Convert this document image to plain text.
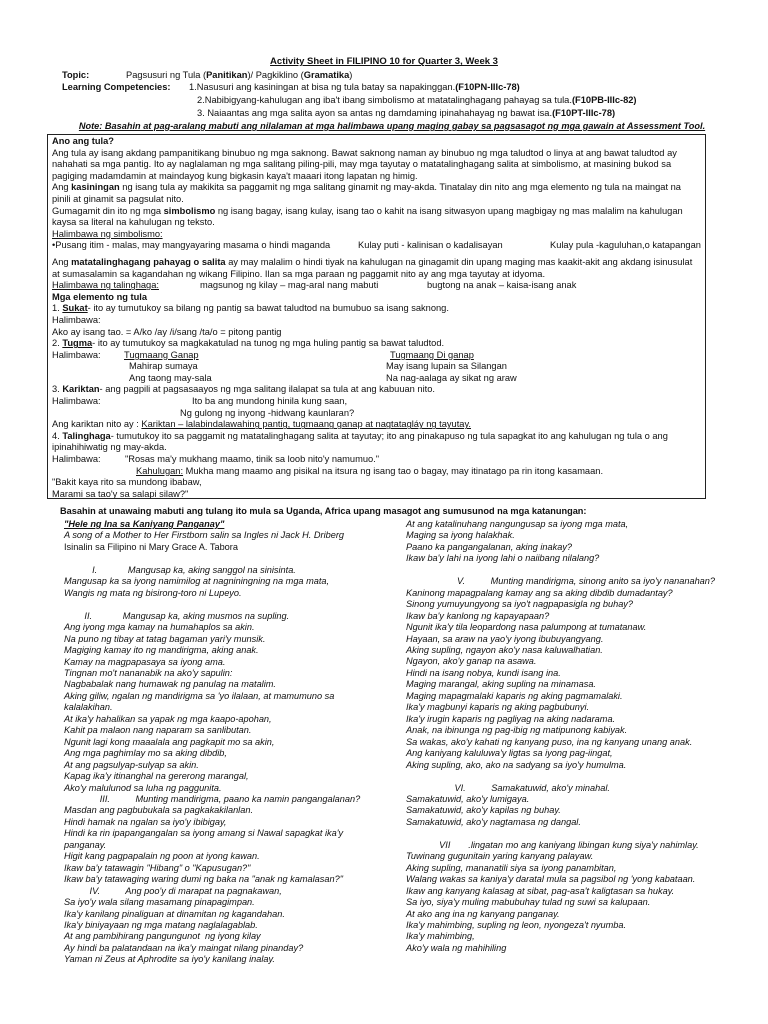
Activity Sheet in FILIPINO 10 for Quarter 3, Week 3
Topic:	Pagsusuri ng Tula (Panitikan)/ Pagkiklino (Gramatika)
Learning Competencies: 1.Nasusuri ang kasiningan at bisa ng tula batay sa napakinggan.(F10PN-IIIc-78)
2.Nabibigyang-kahulugan ang iba't ibang simbolismo at matatalinghagang pahayag sa tula.(F10PB-IIIc-82)
3. Naiaantas ang mga salita ayon sa antas ng damdaming ipinahahayag ng bawat isa.(F10PT-IIIc-78)
Note: Basahin at pag-aralang mabuti ang nilalaman at mga halimbawa upang maging gabay sa pagsasagot ng mga gawain at Assessment Tool.

Ano ang tula?

Ang tula ay isang akdang pampanitikang binubuo ng mga saknong. Bawat saknong naman ay binubuo ng mga taludtod o linya at ang bawat taludtod ay nahahati sa mga pantig. Ito ay naglalaman ng mga salitang piling-pili, may mga tayutay o matatalinghagang salita at simbolismo, at masining bukod sa pagiging madamdamin at maindayog kung bigkasin kaya't maaari itong lapatan ng himig.

Ang kasiningan ng isang tula ay makikita sa paggamit ng mga salitang ginamit ng may-akda. Tinatalay din nito ang mga elemento ng tula na maingat na pinili at ginamit sa pagsulat nito.

Gumagamit din ito ng mga simbolismo ng isang bagay, isang kulay, isang tao o kahit na isang sitwasyon upang magbigay ng mas malalim na kahulugan kaysa sa literal na kahulugan ng teksto.

Halimbawa ng simbolismo:

•Pusang itim - malas, may mangyayaring masama o hindi maganda	Kulay puti - kalinisan o kadalisayan	Kulay pula -kaguluhan,o katapangan

Ang matatalinghagang pahayag o salita ay may malalim o hindi tiyak na kahulugan na ginagamit din upang maging mas kaakit-akit ang akdang isinusulat at sumasalamin sa kagandahan ng wikang Filipino. Ilan sa mga paraan ng paggamit nito ay ang mga tayutay at idyoma.

Halimbawa ng talinghaga:	magsunog ng kilay – mag-aral nang mabuti	bugtong na anak – kaisa-isang anak

Mga elemento ng tula

1. Sukat- ito ay tumutukoy sa bilang ng pantig sa bawat taludtod na bumubuo sa isang saknong.

Halimbawa:

Ako ay isang tao. = A/ko /ay /i/sang /ta/o = pitong pantig

2. Tugma- ito ay tumutukoy sa magkakatulad na tunog ng mga huling pantig sa bawat taludtod.

Halimbawa:	Tugmaang Ganap	Tugmaang Di ganap

Mahirap sumaya	May isang lupain sa Silangan

Ang taong may-sala	Na nag-aalaga ay sikat ng araw

3. Kariktan- ang pagpili at pagsasaayos ng mga salitang ilalapat sa tula at ang kabuuan nito.

Halimbawa:	Ito ba ang mundong hinila kung saan,

Ng gulong ng inyong -hidwang kaunlaran?

Ang kariktan nito ay : Kariktan – lalabindalawahing pantig, tugmaang ganap at nagtatagláy ng tayutay.

4. Talinghaga- tumutukoy ito sa paggamit ng matatalinghagang salita at tayutay; ito ang pinakapuso ng tula sapagkat ito ang kahulugan ng tula o ang ipinahihiwatig ng may-akda.

Halimbawa:	"Rosas ma'y mukhang maamo, tinik sa loob nito'y namumuo."

Kahulugan: Mukha mang maamo ang pisikal na itsura ng isang tao o bagay, may itinatago pa rin itong kasamaan.

"Bakit kaya rito sa mundong ibabaw,

Marami sa tao'y sa salapi silaw?"

Basahin at unawaing mabuti ang tulang ito mula sa Uganda, Africa upang masagot ang sumusunod na mga katanungan:

"Hele ng Ina sa Kaniyang Panganay"

A song of a Mother to Her Firstborn salin sa Ingles ni Jack H. Driberg

Isinalin sa Filipino ni Mary Grace A. Tabora

I.            Mangusap ka, aking sanggol na sinisinta.

Mangusap ka sa iyong namimilog at nagniningning na mga mata,

Wangis ng mata ng bisirong-toro ni Lupeyo.

II.            Mangusap ka, aking musmos na supling.

Ang iyong mga kamay na humahaplos sa akin.

Na puno ng tibay at tatag bagaman yari'y munsik.

Magiging kamay ito ng mandirigma, aking anak.

Kamay na magpapasaya sa iyong ama.

Tingnan mo't nananabik na ako'y sapulin:

Nagbabalak nang humawak ng panulag na matalim.

Aking giliw, ngalan ng mandirigma sa 'yo ilalaan, at mamumuno sa

kalalakihan.

At ika'y hahalikan sa yapak ng mga kaapo-apohan,

Kahit pa malaon nang naparam sa sanlibutan.

Ngunit lagi kong maaalala ang pagkapit mo sa akin,

Ang mga paghimlay mo sa aking dibdib,

At ang pagsulyap-sulyap sa akin.

Kapag ika'y itinanghal na gererong marangal,

Ako'y malulunod sa luha ng paggunita.

III.          Munting mandirigma, paano ka namin pangangalanan?

Masdan ang pagbubukala sa pagkakakilanlan.

Hindi hamak na ngalan sa iyo'y ibibigay,

Hindi ka rin ipapangangalan sa iyong amang si Nawal sapagkat ika'y

panganay.

Higit kang pagpapalain ng poon at iyong kawan.

Ikaw ba'y tatawagin "Hibang" o "Kapusugan?"

Ikaw ba'y tatawaging waring dumi ng baka na "anak ng kamalasan?"

IV.          Ang poo'y di marapat na pagnakawan,

Sa iyo'y wala silang masamang pinapagimpan.

Ika'y kanilang pinaliguan at dinamitan ng kagandahan.

Ika'y biniyayaan ng mga matang naglalagablab.

At ang pambihirang pangungunot  ng iyong kilay

Ay hindi ba palatandaan na ika'y maingat nilang pinanday?

Yaman ni Zeus at Aphrodite sa iyo'y kanilang inalay.

At ang katalinuhang nangungusap sa iyong mga mata,

Maging sa iyong halakhak.

Paano ka pangangalanan, aking inakay?

Ikaw ba'y lahi na iyong lahi o naiibang nilalang?

V.          Munting mandirigma, sinong anito sa iyo'y nananahan?

Kaninong mapagpalang kamay ang sa aking dibdib dumadantay?

Sinong yumuyungyong sa iyo't nagpapasigla ng buhay?

Ikaw ba'y kanlong ng kapayapaan?

Ngunit ika'y tila leopardong nasa palumpong at tumatanaw.

Hayaan, sa araw na yao'y iyong ibubuyangyang.

Aking supling, ngayon ako'y nasa kaluwalhatian.

Ngayon, ako'y ganap na asawa.

Hindi na isang nobya, kundi isang ina.

Maging marangal, aking supling na minamasa.

Maging mapagmalaki kaparis ng aking pagmamalaki.

Ika'y magbunyi kaparis ng aking pagbubunyi.

Ika'y irugin kaparis ng pagliyag na aking nadarama.

Anak, na ibinunga ng pag-ibig ng matipunong kabiyak.

Sa wakas, ako'y kahati ng kanyang puso, ina ng kanyang unang anak.

Ang kaniyang kaluluwa'y ligtas sa iyong pag-iingat,

Aking supling, ako, ako na sadyang sa iyo'y humulma.

VI.          Samakatuwid, ako'y minahal.

Samakatuwid, ako'y lumigaya.

Samakatuwid, ako'y kapilas ng buhay.

Samakatuwid, ako'y nagtamasa ng dangal.

VII       .lingatan mo ang kaniyang libingan kung siya'y nahimlay.

Tuwinang gugunitain yaring kanyang palayaw.

Aking supling, mananatili siya sa iyong panambitan,

Walang wakas sa kaniya'y daratal mula sa pagsibol ng 'yong kabataan.

Ikaw ang kanyang kalasag at sibat, pag-asa't kaligtasan sa hukay.

Sa iyo, siya'y muling mabubuhay tulad ng suwi sa kalupaan.

At ako ang ina ng kanyang panganay.

Ika'y mahimbing, supling ng leon, nyongeza't nyumba.

Ika'y mahimbing,

Ako'y wala ng mahihiling
